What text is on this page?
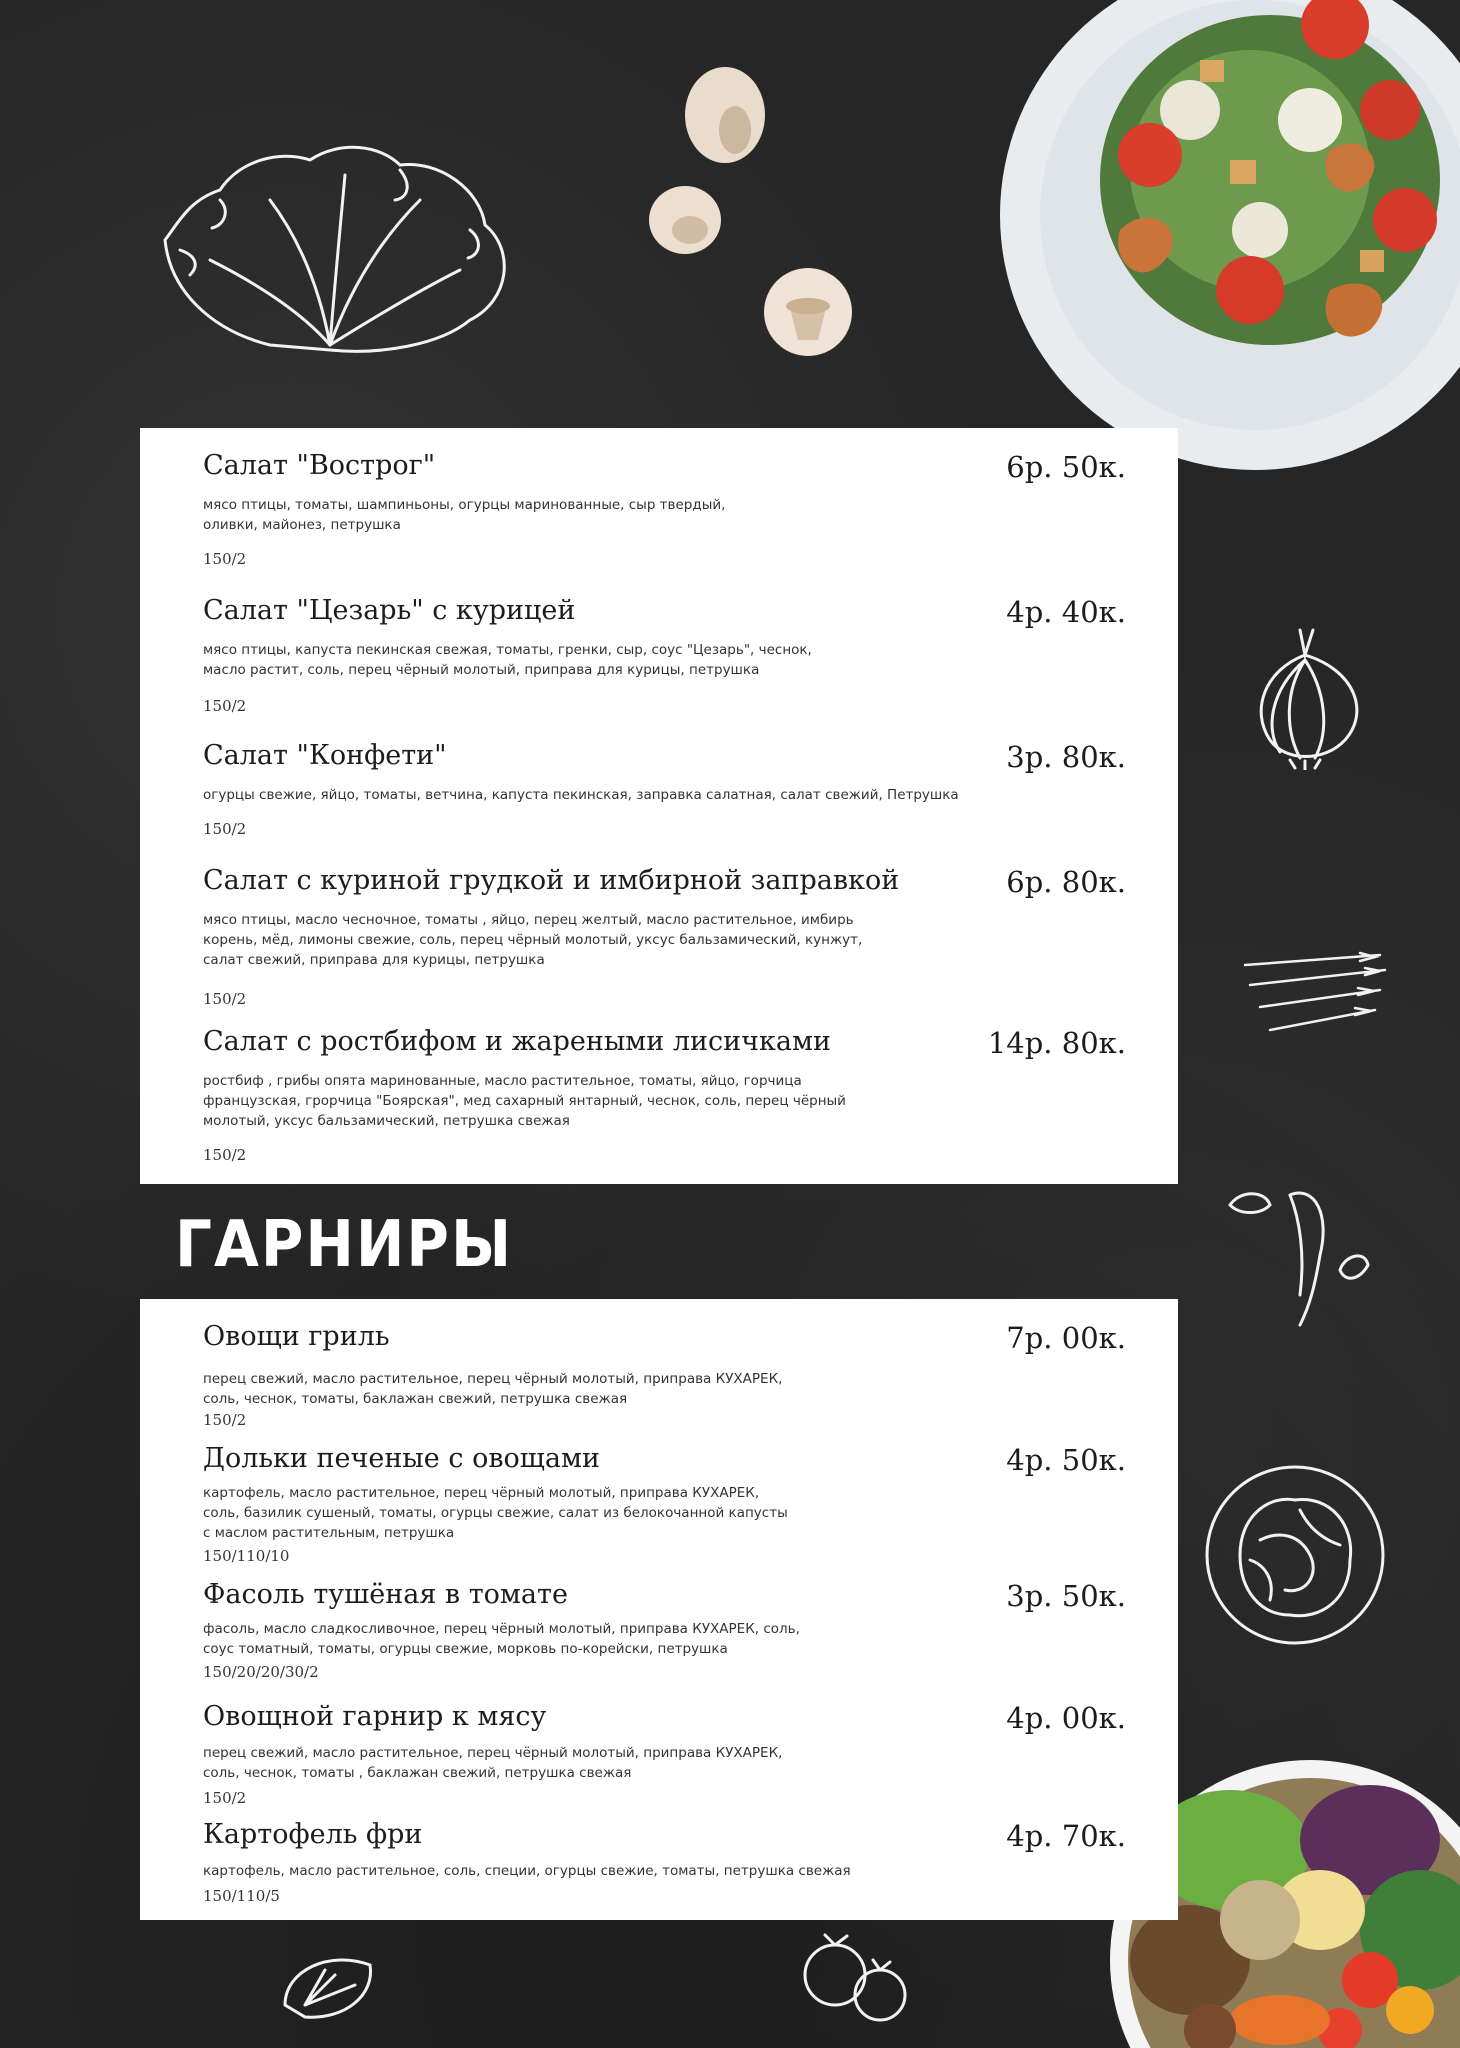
Салат "Вострог"	6р. 50к.
мясо птицы, томаты, шампиньоны, огурцы маринованные, сыр твердый, оливки, майонез, петрушка
150/2
Салат "Цезарь" с курицей	4р. 40к.
мясо птицы, капуста пекинская свежая, томаты, гренки, сыр, соус "Цезарь", чеснок, масло растит, соль, перец чёрный молотый, приправа для курицы, петрушка
150/2
Салат "Конфети"	3р. 80к.
огурцы свежие, яйцо, томаты, ветчина, капуста пекинская, заправка салатная, салат свежий, Петрушка
150/2
Салат с куриной грудкой и имбирной заправкой	6р. 80к.
мясо птицы, масло чесночное, томаты , яйцо, перец желтый, масло растительное, имбирь корень, мёд, лимоны свежие, соль, перец чёрный молотый, уксус бальзамический, кунжут, салат свежий, приправа для курицы, петрушка
150/2
Салат с ростбифом и жареными лисичками	14р. 80к.
ростбиф , грибы опята маринованные, масло растительное, томаты, яйцо, горчица французская, грорчица "Боярская", мед сахарный янтарный, чеснок, соль, перец чёрный молотый, уксус бальзамический, петрушка свежая
150/2
ГАРНИРЫ
Овощи гриль	7р. 00к.
перец свежий, масло растительное, перец чёрный молотый, приправа КУХАРЕК, соль, чеснок, томаты, баклажан свежий, петрушка свежая
150/2
Дольки печеные с овощами	4р. 50к.
картофель, масло растительное, перец чёрный молотый, приправа КУХАРЕК, соль, базилик сушеный, томаты, огурцы свежие, салат из белокочанной капусты с маслом растительным, петрушка
150/110/10
Фасоль тушёная в томате	3р. 50к.
фасоль, масло сладкосливочное, перец чёрный молотый, приправа КУХАРЕК, соль, соус томатный, томаты, огурцы свежие, морковь по-корейски, петрушка
150/20/20/30/2
Овощной гарнир к мясу	4р. 00к.
перец свежий, масло растительное, перец чёрный молотый, приправа КУХАРЕК, соль, чеснок, томаты , баклажан свежий, петрушка свежая
150/2
Картофель фри	4р. 70к.
картофель, масло растительное, соль, специи, огурцы свежие, томаты, петрушка свежая
150/110/5
